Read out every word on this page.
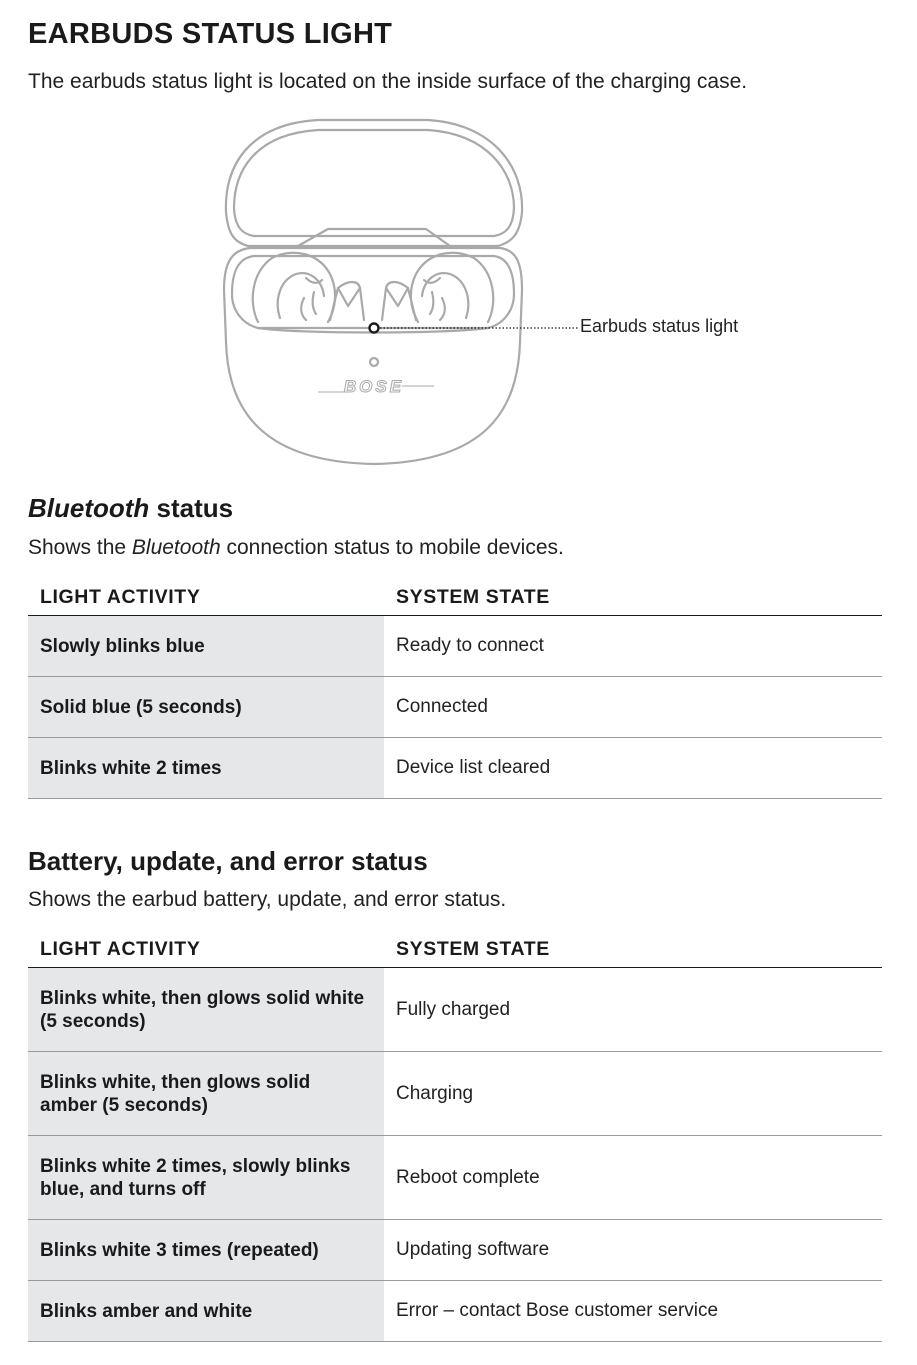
EARBUDS STATUS LIGHT

The earbuds status light is located on the inside surface of the charging case.

BOSE
Earbuds status light
Bluetooth status

Shows the Bluetooth connection status to mobile devices.

LIGHT ACTIVITY	SYSTEM STATE
Slowly blinks blue	Ready to connect
Solid blue (5 seconds)	Connected
Blinks white 2 times	Device list cleared
Battery, update, and error status

Shows the earbud battery, update, and error status.

LIGHT ACTIVITY	SYSTEM STATE
Blinks white, then glows solid white (5 seconds)	Fully charged
Blinks white, then glows solid amber (5 seconds)	Charging
Blinks white 2 times, slowly blinks blue, and turns off	Reboot complete
Blinks white 3 times (repeated)	Updating software
Blinks amber and white	Error – contact Bose customer service
